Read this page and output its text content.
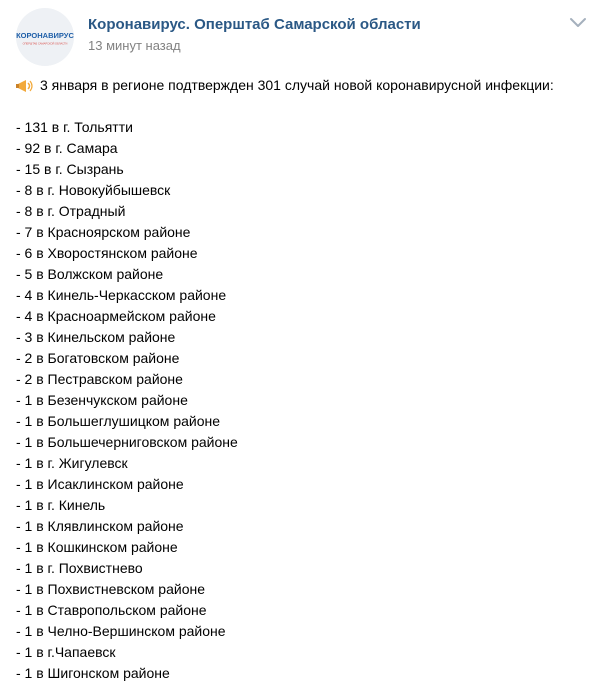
КОРОНАВИРУС
ОПЕРШТАБ САМАРСКОЙ ОБЛАСТИ
Коронавирус. Оперштаб Самарской области
13 минут назад
3 января в регионе подтвержден 301 случай новой коронавирусной инфекции:
- 131 в г. Тольятти
- 92 в г. Самара
- 15 в г. Сызрань
- 8 в г. Новокуйбышевск
- 8 в г. Отрадный
- 7 в Красноярском районе
- 6 в Хворостянском районе
- 5 в Волжском районе
- 4 в Кинель-Черкасском районе
- 4 в Красноармейском районе
- 3 в Кинельском районе
- 2 в Богатовском районе
- 2 в Пестравском районе
- 1 в Безенчукском районе
- 1 в Большеглушицком районе
- 1 в Большечерниговском районе
- 1 в г. Жигулевск
- 1 в Исаклинском районе
- 1 в г. Кинель
- 1 в Клявлинском районе
- 1 в Кошкинском районе
- 1 в г. Похвистнево
- 1 в Похвистневском районе
- 1 в Ставропольском районе
- 1 в Челно-Вершинском районе
- 1 в г.Чапаевск
- 1 в Шигонском районе
